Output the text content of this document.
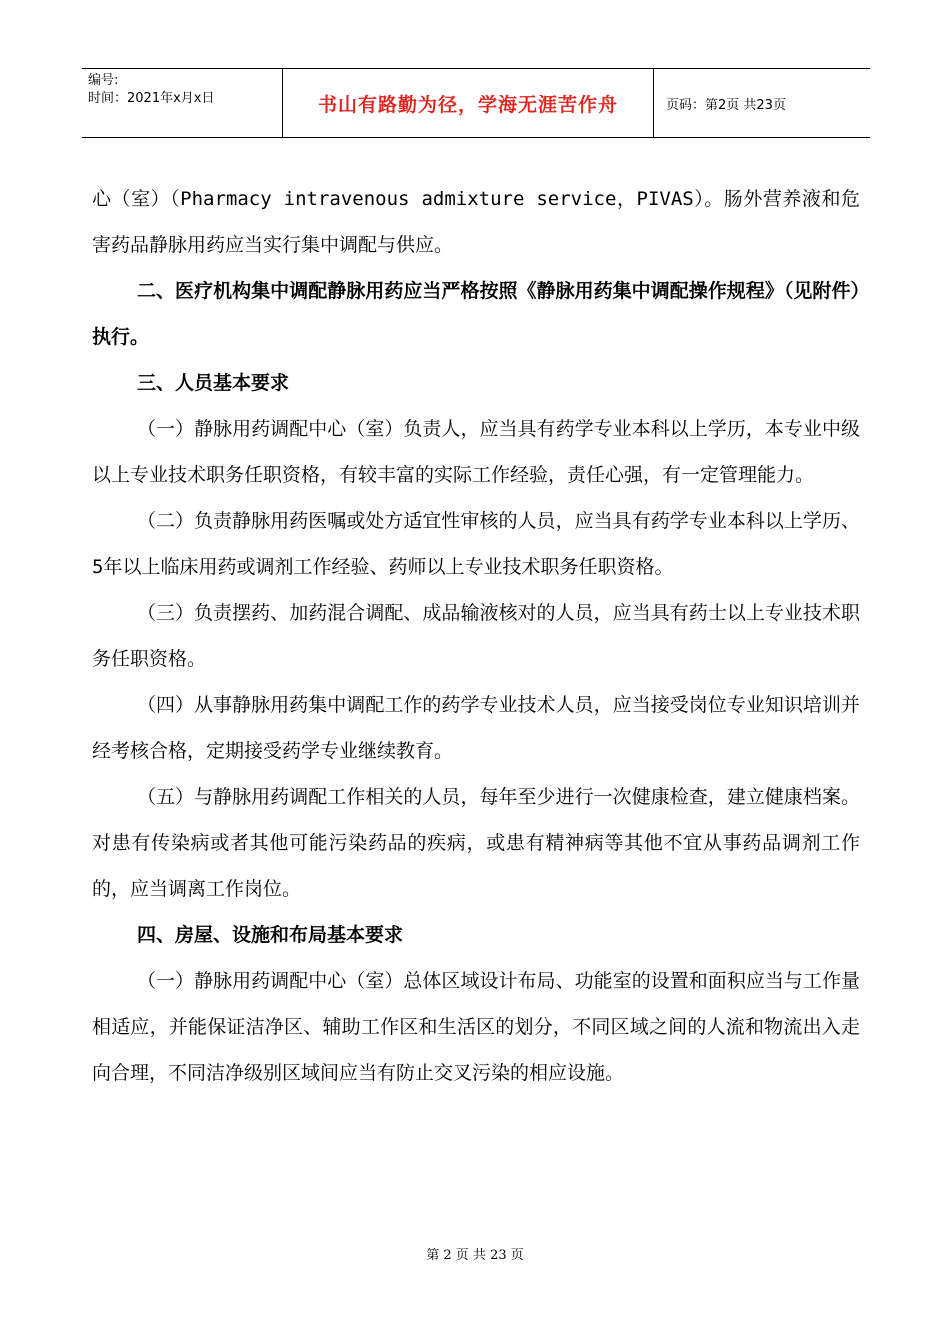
编号:
时间：2021年x月x日	书山有路勤为径，学海无涯苦作舟	页码：第2页 共23页

心（室）（Pharmacy intravenous admixture service，PIVAS）。肠外营养液和危害药品静脉用药应当实行集中调配与供应。

二、医疗机构集中调配静脉用药应当严格按照《静脉用药集中调配操作规程》（见附件）执行。

三、人员基本要求

（一）静脉用药调配中心（室）负责人，应当具有药学专业本科以上学历，本专业中级以上专业技术职务任职资格，有较丰富的实际工作经验，责任心强，有一定管理能力。

（二）负责静脉用药医嘱或处方适宜性审核的人员，应当具有药学专业本科以上学历、5年以上临床用药或调剂工作经验、药师以上专业技术职务任职资格。

（三）负责摆药、加药混合调配、成品输液核对的人员，应当具有药士以上专业技术职务任职资格。

（四）从事静脉用药集中调配工作的药学专业技术人员，应当接受岗位专业知识培训并经考核合格，定期接受药学专业继续教育。

（五）与静脉用药调配工作相关的人员，每年至少进行一次健康检查，建立健康档案。对患有传染病或者其他可能污染药品的疾病，或患有精神病等其他不宜从事药品调剂工作的，应当调离工作岗位。

四、房屋、设施和布局基本要求

（一）静脉用药调配中心（室）总体区域设计布局、功能室的设置和面积应当与工作量相适应，并能保证洁净区、辅助工作区和生活区的划分，不同区域之间的人流和物流出入走向合理，不同洁净级别区域间应当有防止交叉污染的相应设施。

第 2 页 共 23 页
